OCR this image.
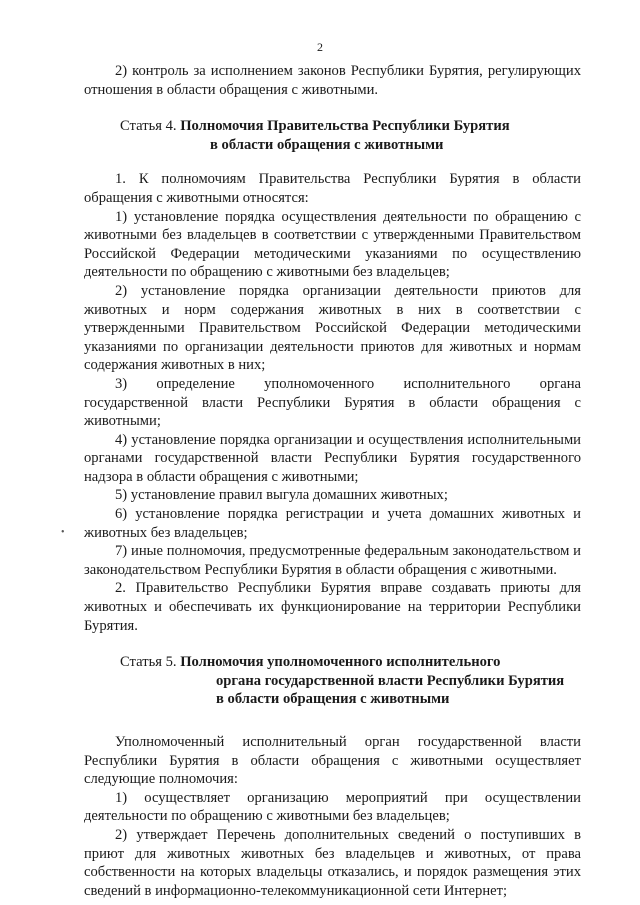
2

2) контроль за исполнением законов Республики Бурятия, регулирующих отношения в области обращения с животными.

Статья 4. Полномочия Правительства Республики Бурятия
в области обращения с животными

1. К полномочиям Правительства Республики Бурятия в области обращения с животными относятся:

1) установление порядка осуществления деятельности по обращению с животными без владельцев в соответствии с утвержденными Правительством Российской Федерации методическими указаниями по осуществлению деятельности по обращению с животными без владельцев;

2) установление порядка организации деятельности приютов для животных и норм содержания животных в них в соответствии с утвержденными Правительством Российской Федерации методическими указаниями по организации деятельности приютов для животных и нормам содержания животных в них;

3) определение уполномоченного исполнительного органа государственной власти Республики Бурятия в области обращения с животными;

4) установление порядка организации и осуществления исполнительными органами государственной власти Республики Бурятия государственного надзора в области обращения с животными;

5) установление правил выгула домашних животных;

6) установление порядка регистрации и учета домашних животных и животных без владельцев;

7) иные полномочия, предусмотренные федеральным законодательством и законодательством Республики Бурятия в области обращения с животными.

2. Правительство Республики Бурятия вправе создавать приюты для животных и обеспечивать их функционирование на территории Республики Бурятия.

Статья 5. Полномочия уполномоченного исполнительного
органа государственной власти Республики Бурятия
в области обращения с животными

Уполномоченный исполнительный орган государственной власти Республики Бурятия в области обращения с животными осуществляет следующие полномочия:

1) осуществляет организацию мероприятий при осуществлении деятельности по обращению с животными без владельцев;

2) утверждает Перечень дополнительных сведений о поступивших в приют для животных животных без владельцев и животных, от права собственности на которых владельцы отказались, и порядок размещения этих сведений в информационно-телекоммуникационной сети Интернет;

•
